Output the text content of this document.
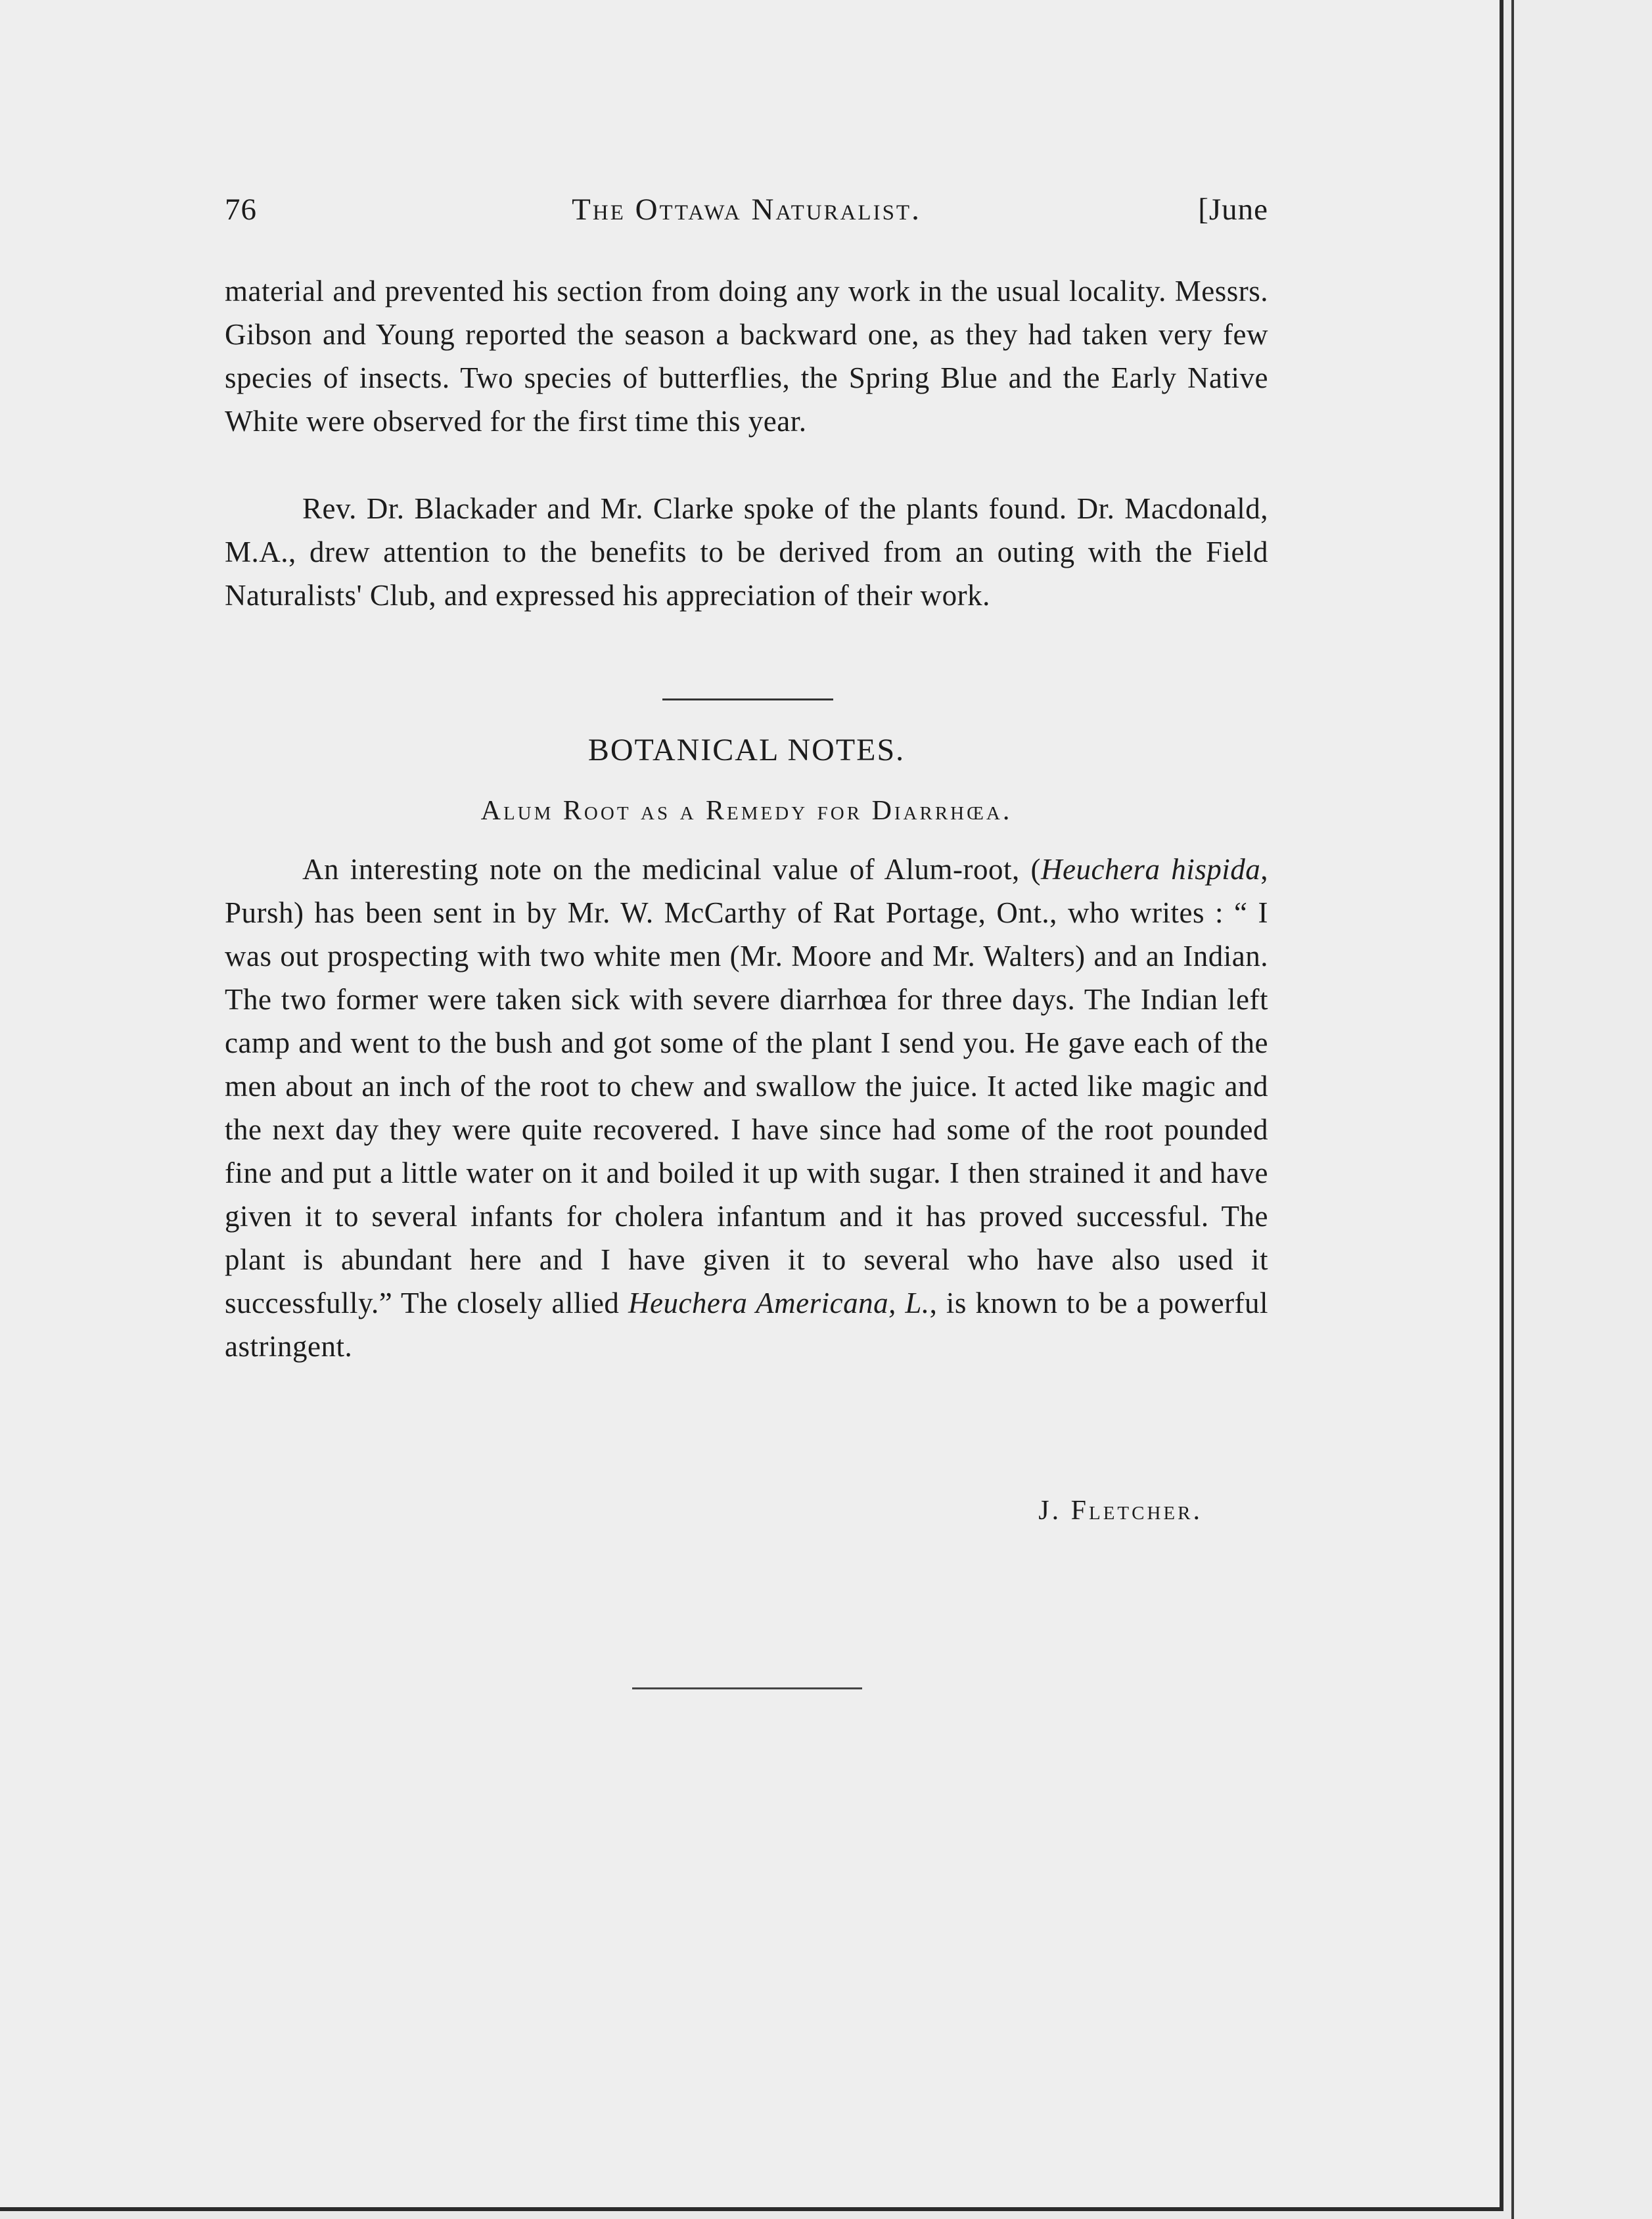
76	The Ottawa Naturalist.	[June
material and prevented his section from doing any work in the usual locality. Messrs. Gibson and Young reported the season a backward one, as they had taken very few species of insects. Two species of butterflies, the Spring Blue and the Early Native White were observed for the first time this year.
Rev. Dr. Blackader and Mr. Clarke spoke of the plants found. Dr. Macdonald, M.A., drew attention to the benefits to be derived from an outing with the Field Naturalists' Club, and expressed his appreciation of their work.
BOTANICAL NOTES.
Alum Root as a Remedy for Diarrhœa.
An interesting note on the medicinal value of Alum-root, (Heuchera hispida, Pursh) has been sent in by Mr. W. McCarthy of Rat Portage, Ont., who writes : “ I was out prospecting with two white men (Mr. Moore and Mr. Walters) and an Indian. The two former were taken sick with severe diarrhœa for three days. The Indian left camp and went to the bush and got some of the plant I send you. He gave each of the men about an inch of the root to chew and swallow the juice. It acted like magic and the next day they were quite recovered. I have since had some of the root pounded fine and put a little water on it and boiled it up with sugar. I then strained it and have given it to several infants for cholera infantum and it has proved successful. The plant is abundant here and I have given it to several who have also used it successfully.” The closely allied Heuchera Americana, L., is known to be a powerful astringent.
J. Fletcher.
